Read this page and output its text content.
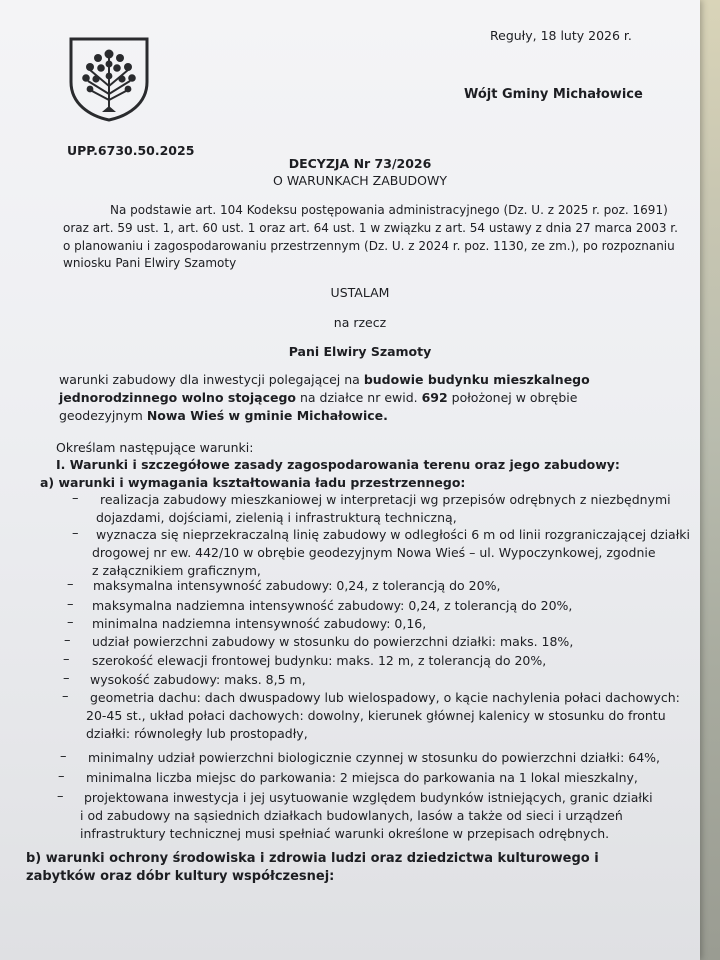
Reguły, 18 luty 2026 r.
Wójt Gminy Michałowice
UPP.6730.50.2025
DECYZJA Nr 73/2026
O WARUNKACH ZABUDOWY
Na podstawie art. 104 Kodeksu postępowania administracyjnego (Dz. U. z 2025 r. poz. 1691)
oraz art. 59 ust. 1, art. 60 ust. 1 oraz art. 64 ust. 1 w związku z art. 54 ustawy z dnia 27 marca 2003 r.
o planowaniu i zagospodarowaniu przestrzennym (Dz. U. z 2024 r. poz. 1130, ze zm.), po rozpoznaniu
wniosku Pani Elwiry Szamoty
USTALAM
na rzecz
Pani Elwiry Szamoty
warunki zabudowy dla inwestycji polegającej na budowie budynku mieszkalnego jednorodzinnego wolno stojącego na działce nr ewid. 692 położonej w obrębie geodezyjnym Nowa Wieś w gminie Michałowice.
Określam następujące warunki:
I. Warunki i szczegółowe zasady zagospodarowania terenu oraz jego zabudowy:
a) warunki i wymagania kształtowania ładu przestrzennego:
– realizacja zabudowy mieszkaniowej w interpretacji wg przepisów odrębnych z niezbędnymi
dojazdami, dojściami, zielenią i infrastrukturą techniczną,
– wyznacza się nieprzekraczalną linię zabudowy w odległości 6 m od linii rozgraniczającej działki
drogowej nr ew. 442/10 w obrębie geodezyjnym Nowa Wieś – ul. Wypoczynkowej, zgodnie
z załącznikiem graficznym,
– maksymalna intensywność zabudowy: 0,24, z tolerancją do 20%,
– maksymalna nadziemna intensywność zabudowy: 0,24, z tolerancją do 20%,
– minimalna nadziemna intensywność zabudowy: 0,16,
– udział powierzchni zabudowy w stosunku do powierzchni działki: maks. 18%,
– szerokość elewacji frontowej budynku: maks. 12 m, z tolerancją do 20%,
– wysokość zabudowy: maks. 8,5 m,
– geometria dachu: dach dwuspadowy lub wielospadowy, o kącie nachylenia połaci dachowych:
20-45 st., układ połaci dachowych: dowolny, kierunek głównej kalenicy w stosunku do frontu
działki: równoległy lub prostopadły,
– minimalny udział powierzchni biologicznie czynnej w stosunku do powierzchni działki: 64%,
– minimalna liczba miejsc do parkowania: 2 miejsca do parkowania na 1 lokal mieszkalny,
– projektowana inwestycja i jej usytuowanie względem budynków istniejących, granic działki
i od zabudowy na sąsiednich działkach budowlanych, lasów a także od sieci i urządzeń
infrastruktury technicznej musi spełniać warunki określone w przepisach odrębnych.
b) warunki ochrony środowiska i zdrowia ludzi oraz dziedzictwa kulturowego i zabytków oraz dóbr kultury współczesnej:
